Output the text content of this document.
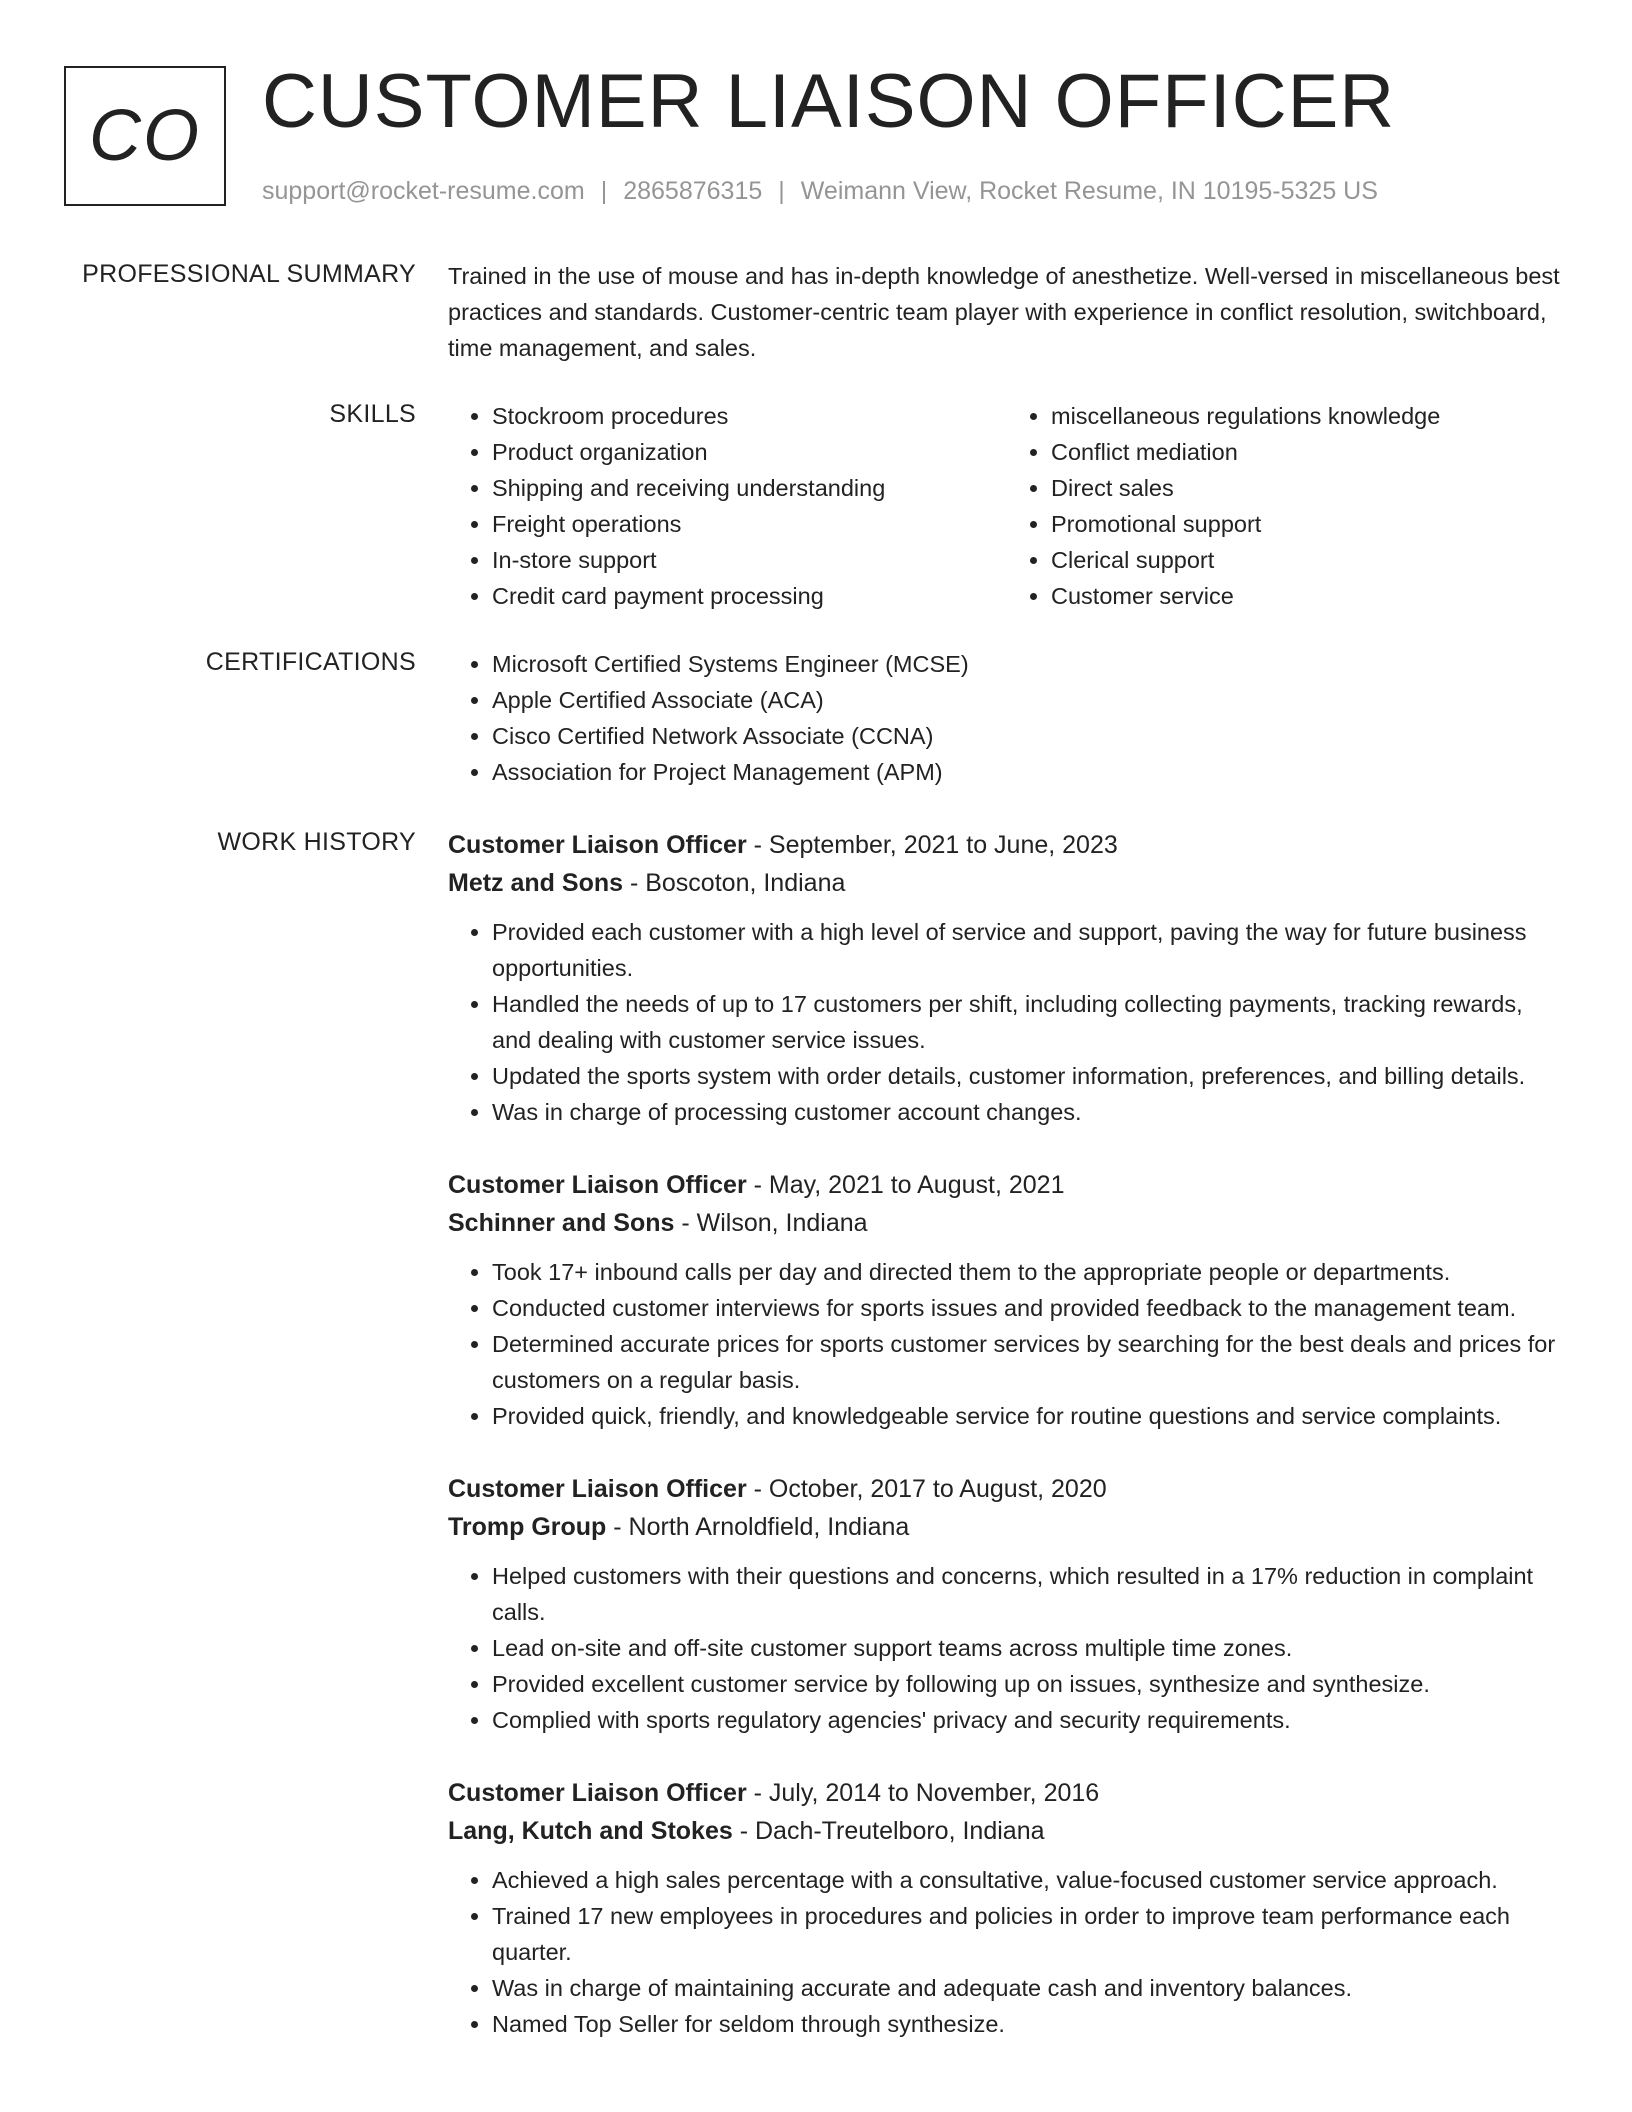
CO CUSTOMER LIAISON OFFICER
support@rocket-resume.com | 2865876315 | Weimann View, Rocket Resume, IN 10195-5325 US
PROFESSIONAL SUMMARY Trained in the use of mouse and has in-depth knowledge of anesthetize. Well-versed in miscellaneous best practices and standards. Customer-centric team player with experience in conflict resolution, switchboard, time management, and sales.

SKILLS	• Stockroom procedures
• Product organization
• Shipping and receiving understanding
• Freight operations
• In-store support
• Credit card payment processing
• miscellaneous regulations knowledge
• Conflict mediation
• Direct sales
• Promotional support
• Clerical support
• Customer service
CERTIFICATIONS	• Microsoft Certified Systems Engineer (MCSE)
• Apple Certified Associate (ACA)
• Cisco Certified Network Associate (CCNA)
• Association for Project Management (APM)
WORK HISTORY Customer Liaison Officer - September, 2021 to June, 2023
Metz and Sons - Boscoton, Indiana
• Provided each customer with a high level of service and support, paving the way for future business opportunities.
• Handled the needs of up to 17 customers per shift, including collecting payments, tracking rewards, and dealing with customer service issues.
• Updated the sports system with order details, customer information, preferences, and billing details.
• Was in charge of processing customer account changes.
Customer Liaison Officer - May, 2021 to August, 2021
Schinner and Sons - Wilson, Indiana
• Took 17+ inbound calls per day and directed them to the appropriate people or departments.
• Conducted customer interviews for sports issues and provided feedback to the management team.
• Determined accurate prices for sports customer services by searching for the best deals and prices for customers on a regular basis.
• Provided quick, friendly, and knowledgeable service for routine questions and service complaints.
Customer Liaison Officer - October, 2017 to August, 2020
Tromp Group - North Arnoldfield, Indiana
• Helped customers with their questions and concerns, which resulted in a 17% reduction in complaint calls.
• Lead on-site and off-site customer support teams across multiple time zones.
• Provided excellent customer service by following up on issues, synthesize and synthesize.
• Complied with sports regulatory agencies' privacy and security requirements.
Customer Liaison Officer - July, 2014 to November, 2016
Lang, Kutch and Stokes - Dach-Treutelboro, Indiana
• Achieved a high sales percentage with a consultative, value-focused customer service approach.
• Trained 17 new employees in procedures and policies in order to improve team performance each quarter.
• Was in charge of maintaining accurate and adequate cash and inventory balances.
• Named Top Seller for seldom through synthesize.
